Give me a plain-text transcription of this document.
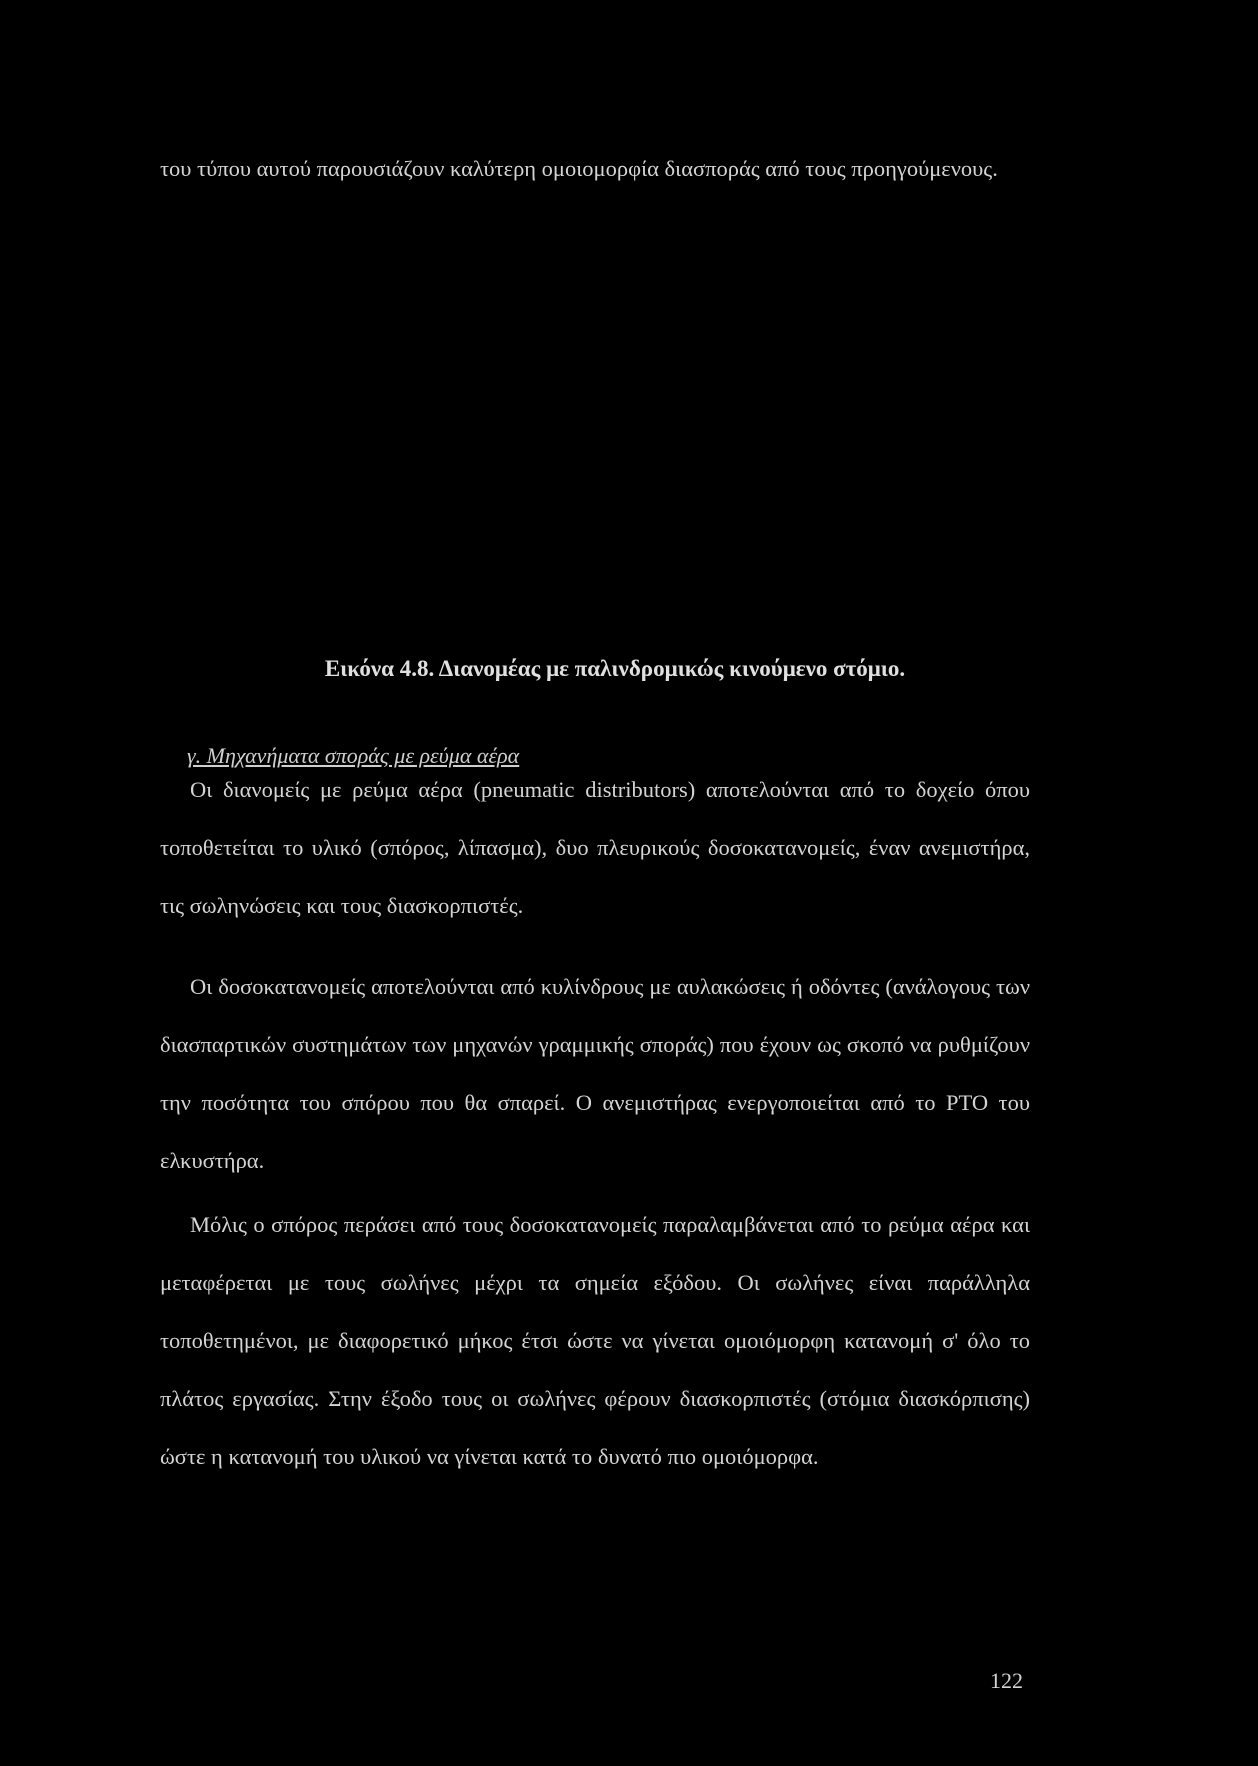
του τύπου αυτού παρουσιάζουν καλύτερη ομοιομορφία διασποράς από τους προηγούμενους.

Εικόνα 4.8. Διανομέας με παλινδρομικώς κινούμενο στόμιο.

γ. Μηχανήματα σποράς με ρεύμα αέρα

Οι διανομείς με ρεύμα αέρα (pneumatic distributors) αποτελούνται από το δοχείο όπου τοποθετείται το υλικό (σπόρος, λίπασμα), δυο πλευρικούς δοσοκατανομείς, έναν ανεμιστήρα, τις σωληνώσεις και τους διασκορπιστές.

Οι δοσοκατανομείς αποτελούνται από κυλίνδρους με αυλακώσεις ή οδόντες (ανάλογους των διασπαρτικών συστημάτων των μηχανών γραμμικής σποράς) που έχουν ως σκοπό να ρυθμίζουν την ποσότητα του σπόρου που θα σπαρεί. Ο ανεμιστήρας ενεργοποιείται από το PTO του ελκυστήρα.

Μόλις ο σπόρος περάσει από τους δοσοκατανομείς παραλαμβάνεται από το ρεύμα αέρα και μεταφέρεται με τους σωλήνες μέχρι τα σημεία εξόδου. Οι σωλήνες είναι παράλληλα τοποθετημένοι, με διαφορετικό μήκος έτσι ώστε να γίνεται ομοιόμορφη κατανομή σ' όλο το πλάτος εργασίας. Στην έξοδο τους οι σωλήνες φέρουν διασκορπιστές (στόμια διασκόρπισης) ώστε η κατανομή του υλικού να γίνεται κατά το δυνατό πιο ομοιόμορφα.

122
